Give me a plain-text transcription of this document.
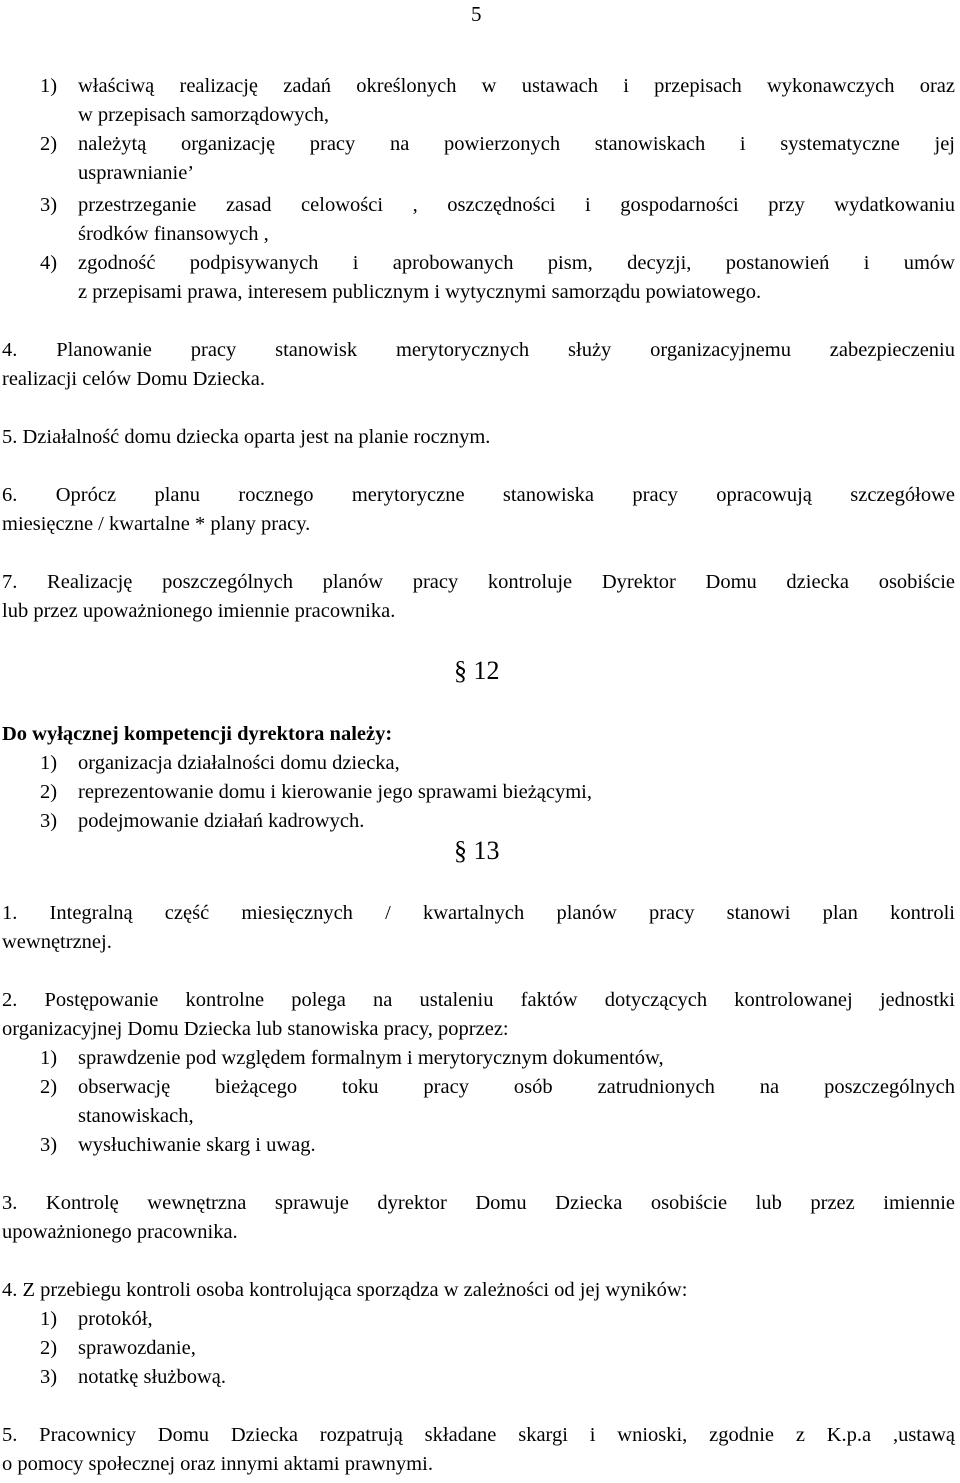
5
1) właściwą realizację zadań określonych w ustawach i przepisach wykonawczych oraz
w przepisach samorządowych,
2) należytą organizację pracy na powierzonych stanowiskach i systematyczne jej
usprawnianie’
3) przestrzeganie zasad celowości , oszczędności i gospodarności przy wydatkowaniu
środków finansowych ,
4) zgodność podpisywanych i aprobowanych pism, decyzji, postanowień i umów
z przepisami prawa, interesem publicznym i wytycznymi samorządu powiatowego.
4. Planowanie pracy stanowisk merytorycznych służy organizacyjnemu zabezpieczeniu
realizacji celów Domu Dziecka.
5. Działalność domu dziecka oparta jest na planie rocznym.
6. Oprócz planu rocznego merytoryczne stanowiska pracy opracowują szczegółowe
miesięczne / kwartalne * plany pracy.
7. Realizację poszczególnych planów pracy kontroluje Dyrektor Domu dziecka osobiście
lub przez upoważnionego imiennie pracownika.
§ 12
Do wyłącznej kompetencji dyrektora należy:
1) organizacja działalności domu dziecka,
2) reprezentowanie domu i kierowanie jego sprawami bieżącymi,
3) podejmowanie działań kadrowych.
§ 13
1. Integralną część miesięcznych / kwartalnych planów pracy stanowi plan kontroli
wewnętrznej.
2. Postępowanie kontrolne polega na ustaleniu faktów dotyczących kontrolowanej jednostki
organizacyjnej Domu Dziecka lub stanowiska pracy, poprzez:
1) sprawdzenie pod względem formalnym i merytorycznym dokumentów,
2) obserwację bieżącego toku pracy osób zatrudnionych na poszczególnych
stanowiskach,
3) wysłuchiwanie skarg i uwag.
3. Kontrolę wewnętrzna sprawuje dyrektor Domu Dziecka osobiście lub przez imiennie
upoważnionego pracownika.
4. Z przebiegu kontroli osoba kontrolująca sporządza w zależności od jej wyników:
1) protokół,
2) sprawozdanie,
3) notatkę służbową.
5. Pracownicy Domu Dziecka rozpatrują składane skargi i wnioski, zgodnie z K.p.a ,ustawą
o pomocy społecznej oraz innymi aktami prawnymi.
